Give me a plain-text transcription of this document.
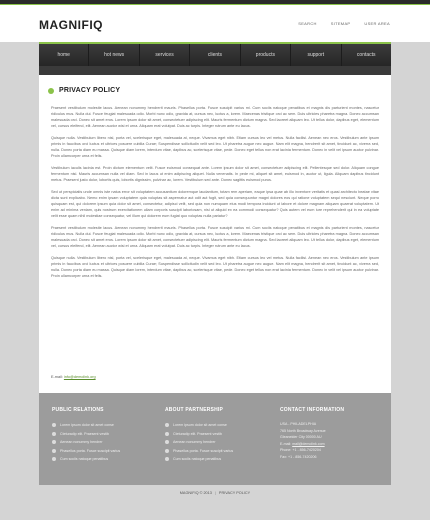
MAGNIFIQ	SEARCH	SITEMAP	USER AREA
home	hot news	services	clients	products	support	contacts
PRIVACY POLICY

Praesent vestibulum molestie lacus. Aenean nonummy hendrerit mauris. Phasellus porta. Fusce suscipit varius mi. Cum sociis natoque penatibus et magnis dis parturient montes, nascetur ridiculus mus. Nulla dui. Fusce feugiat malesuada odio. Morbi nunc odio, gravida at, cursus nec, luctus a, lorem. Maecenas tristique orci ac sem. Duis ultricies pharetra magna. Donec accumsan malesuada orci. Donec sit amet eros. Lorem ipsum dolor sit amet, consectetuer adipiscing elit. Mauris fermentum dictum magna. Sed laoreet aliquam leo. Ut tellus dolor, dapibus eget, elementum vel, cursus eleifend, elit. Aenean auctor wisi et urna. Aliquam erat volutpat. Duis ac turpis. Integer rutrum ante eu lacus.

Quisque nulla. Vestibulum libero nisl, porta vel, scelerisque eget, malesuada at, neque. Vivamus eget nibh. Etiam cursus leo vel metus. Nulla facilisi. Aenean nec eros. Vestibulum ante ipsum primis in faucibus orci luctus et ultrices posuere cubilia Curae; Suspendisse sollicitudin velit sed leo. Ut pharetra augue nec augue. Nam elit magna, hendrerit sit amet, tincidunt ac, viverra sed, nulla. Donec porta diam eu massa. Quisque diam lorem, interdum vitae, dapibus ac, scelerisque vitae, pede. Donec eget tellus non erat lacinia fermentum. Donec in velit vel ipsum auctor pulvinar. Proin ullamcorper urna et felis.

Vestibulum iaculis lacinia est. Proin dictum elementum velit. Fusce euismod consequat ante. Lorem ipsum dolor sit amet, consectetuer adipiscing elit. Pellentesque sed dolor. Aliquam congue fermentum nisl. Mauris accumsan nulla vel diam. Sed in lacus ut enim adipiscing aliquet. Nulla venenatis. In pede mi, aliquet sit amet, euismod in, auctor ut, ligula. Aliquam dapibus tincidunt metus. Praesent justo dolor, lobortis quis, lobortis dignissim, pulvinar ac, lorem. Vestibulum sed ante. Donec sagittis euismod purus.

Sed ut perspiciatis unde omnis iste natus error sit voluptatem accusantium doloremque laudantium, totam rem aperiam, eaque ipsa quae ab illo inventore veritatis et quasi architecto beatae vitae dicta sunt explicabo. Nemo enim ipsam voluptatem quia voluptas sit aspernatur aut odit aut fugit, sed quia consequuntur magni dolores eos qui ratione voluptatem sequi nesciunt. Neque porro quisquam est, qui dolorem ipsum quia dolor sit amet, consectetur, adipisci velit, sed quia non numquam eius modi tempora incidunt ut labore et dolore magnam aliquam quaerat voluptatem. Ut enim ad minima veniam, quis nostrum exercitationem ullam corporis suscipit laboriosam, nisi ut aliquid ex ea commodi consequatur? Quis autem vel eum iure reprehenderit qui in ea voluptate velit esse quam nihil molestiae consequatur, vel illum qui dolorem eum fugiat quo voluptas nulla pariatur?

Praesent vestibulum molestie lacus. Aenean nonummy hendrerit mauris. Phasellus porta. Fusce suscipit varius mi. Cum sociis natoque penatibus et magnis dis parturient montes, nascetur ridiculus mus. Nulla dui. Fusce feugiat malesuada odio. Morbi nunc odio, gravida at, cursus nec, luctus a, lorem. Maecenas tristique orci ac sem. Duis ultricies pharetra magna. Donec accumsan malesuada orci. Donec sit amet eros. Lorem ipsum dolor sit amet, consectetuer adipiscing elit. Mauris fermentum dictum magna. Sed laoreet aliquam leo. Ut tellus dolor, dapibus eget, elementum vel, cursus eleifend, elit. Aenean auctor wisi et urna. Aliquam erat volutpat. Duis ac turpis. Integer rutrum ante eu lacus.

Quisque nulla. Vestibulum libero nisl, porta vel, scelerisque eget, malesuada at, neque. Vivamus eget nibh. Etiam cursus leo vel metus. Nulla facilisi. Aenean nec eros. Vestibulum ante ipsum primis in faucibus orci luctus et ultrices posuere cubilia Curae; Suspendisse sollicitudin velit sed leo. Ut pharetra augue nec augue. Nam elit magna, hendrerit sit amet, tincidunt ac, viverra sed, nulla. Donec porta diam eu massa. Quisque diam lorem, interdum vitae, dapibus ac, scelerisque vitae, pede. Donec eget tellus non erat lacinia fermentum. Donec in velit vel ipsum auctor pulvinar. Proin ullamcorper urna et felis.

E-mail: info@demolink.org
PUBLIC RELATIONS
Lorem ipsum dolor sit amet conse
Cteturadip elit. Praesent vestib
Aenean nonummy hendrer
Phasellus porta. Fusce suscipit varius
Cum sociis natoque penatibus
ABOUT PARTNERSHIP
Lorem ipsum dolor sit amet conse
Cteturadip elit. Praesent vestib
Aenean nonummy hendrer
Phasellus porta. Fusce suscipit varius
Cum sociis natoque penatibus
CONTACT INFORMATION
USA - PHILADELPHIA
765 North Broadway Avenue
Gleaneider City 00000 AU
E-mail: mail@demolink.com
Phone: +1 - 856-7420204
Fax: +1 - 856-7420206
MAGNIFIQ © 2013 | PRIVACY POLICY
